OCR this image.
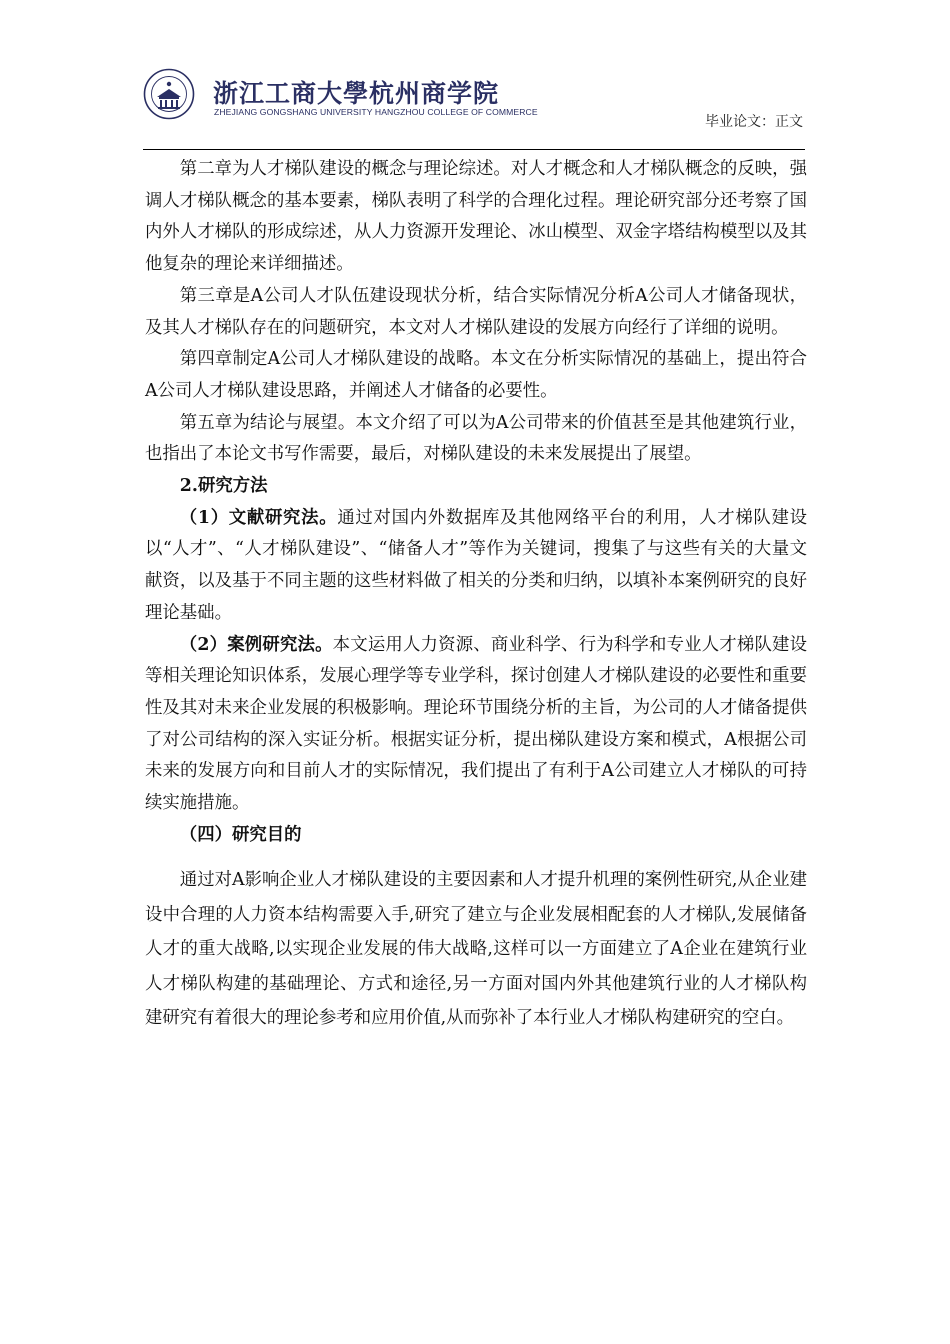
浙江工商大學杭州商学院
ZHEJIANG GONGSHANG UNIVERSITY HANGZHOU COLLEGE OF COMMERCE
毕业论文：正文

第二章为人才梯队建设的概念与理论综述。对人才概念和人才梯队概念的反映，强调人才梯队概念的基本要素，梯队表明了科学的合理化过程。理论研究部分还考察了国内外人才梯队的形成综述，从人力资源开发理论、冰山模型、双金字塔结构模型以及其他复杂的理论来详细描述。

第三章是A公司人才队伍建设现状分析，结合实际情况分析A公司人才储备现状，及其人才梯队存在的问题研究，本文对人才梯队建设的发展方向经行了详细的说明。

第四章制定A公司人才梯队建设的战略。本文在分析实际情况的基础上，提出符合A公司人才梯队建设思路，并阐述人才储备的必要性。

第五章为结论与展望。本文介绍了可以为A公司带来的价值甚至是其他建筑行业，也指出了本论文书写作需要，最后，对梯队建设的未来发展提出了展望。

2.研究方法

（1）文献研究法。通过对国内外数据库及其他网络平台的利用，人才梯队建设以“人才”、“人才梯队建设”、“储备人才”等作为关键词，搜集了与这些有关的大量文献资，以及基于不同主题的这些材料做了相关的分类和归纳，以填补本案例研究的良好理论基础。

（2）案例研究法。本文运用人力资源、商业科学、行为科学和专业人才梯队建设等相关理论知识体系，发展心理学等专业学科，探讨创建人才梯队建设的必要性和重要性及其对未来企业发展的积极影响。理论环节围绕分析的主旨，为公司的人才储备提供了对公司结构的深入实证分析。根据实证分析，提出梯队建设方案和模式，A根据公司未来的发展方向和目前人才的实际情况，我们提出了有利于A公司建立人才梯队的可持续实施措施。

（四）研究目的

通过对A影响企业人才梯队建设的主要因素和人才提升机理的案例性研究,从企业建设中合理的人力资本结构需要入手,研究了建立与企业发展相配套的人才梯队,发展储备人才的重大战略,以实现企业发展的伟大战略,这样可以一方面建立了A企业在建筑行业人才梯队构建的基础理论、方式和途径,另一方面对国内外其他建筑行业的人才梯队构建研究有着很大的理论参考和应用价值,从而弥补了本行业人才梯队构建研究的空白。
